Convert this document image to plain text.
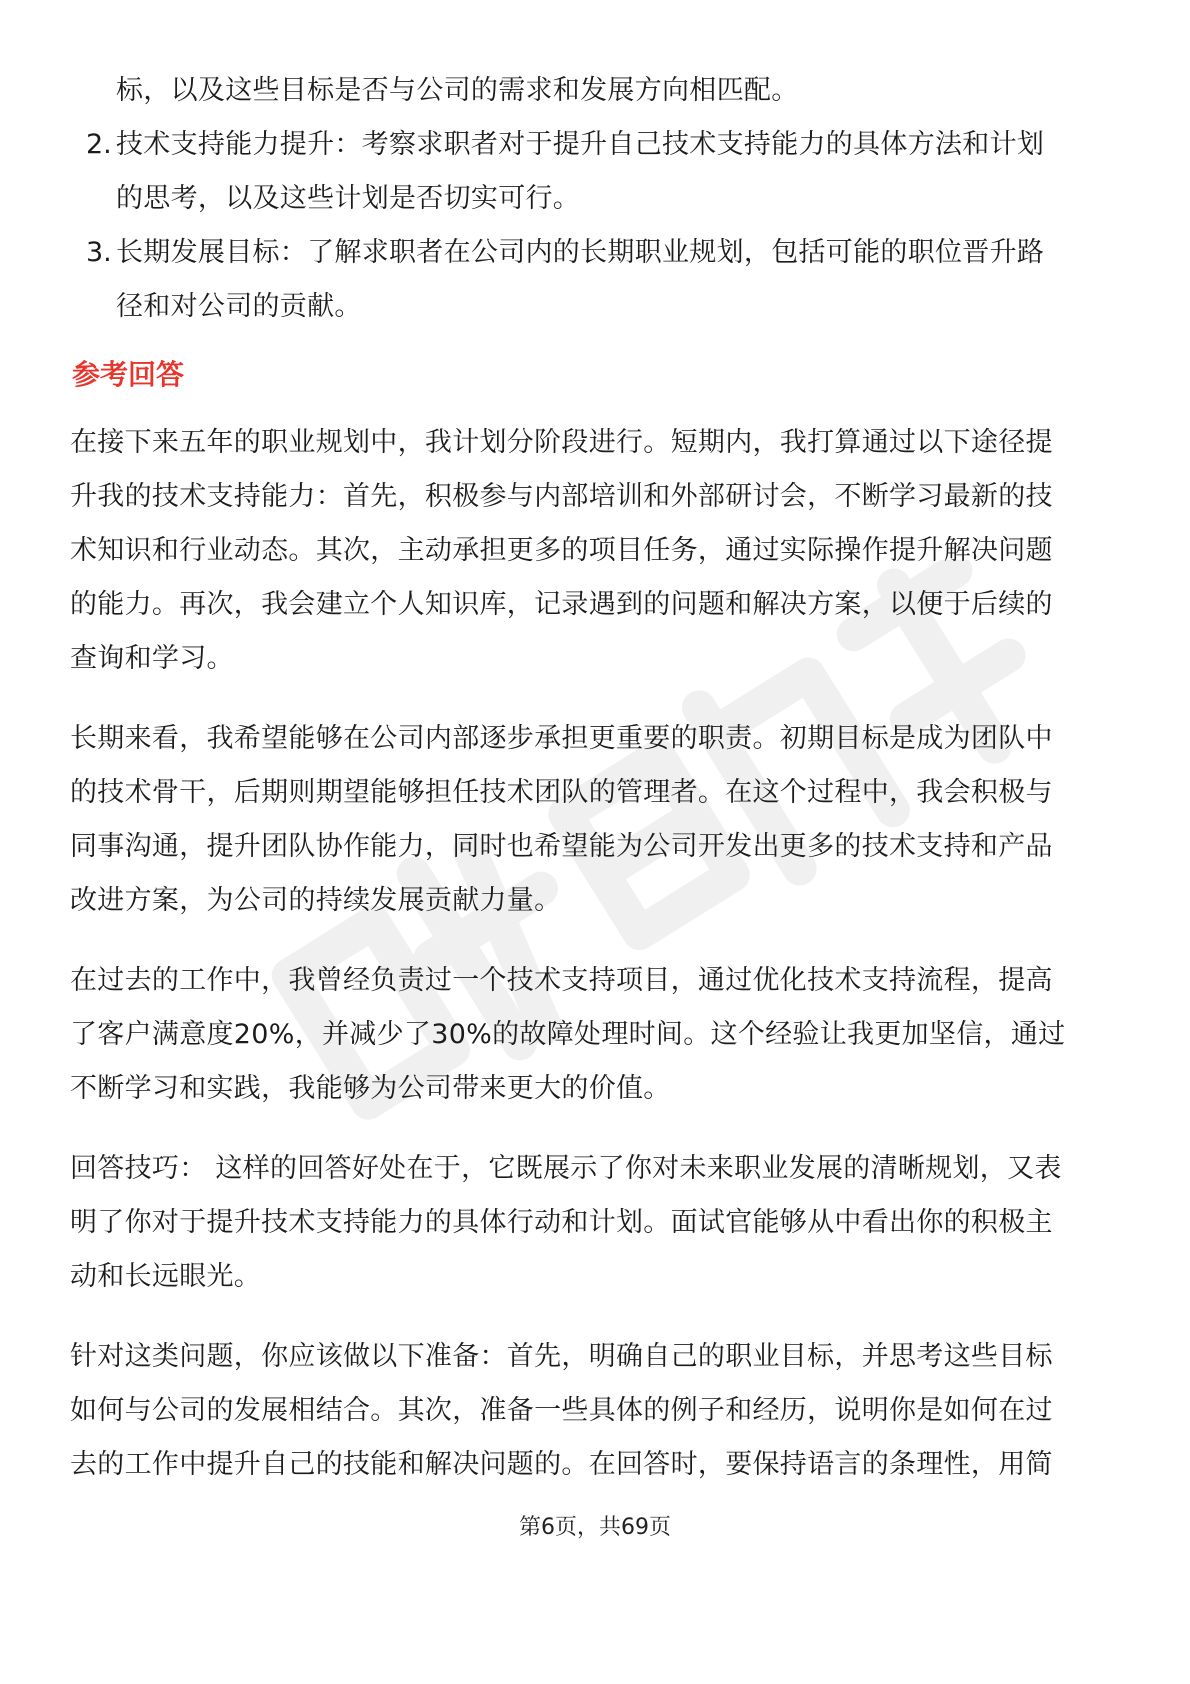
标，以及这些目标是否与公司的需求和发展方向相匹配。
2. 技术支持能力提升：考察求职者对于提升自己技术支持能力的具体方法和计划
的思考，以及这些计划是否切实可行。
3. 长期发展目标：了解求职者在公司内的长期职业规划，包括可能的职位晋升路
径和对公司的贡献。
参考回答
在接下来五年的职业规划中，我计划分阶段进行。短期内，我打算通过以下途径提
升我的技术支持能力：首先，积极参与内部培训和外部研讨会，不断学习最新的技
术知识和行业动态。其次，主动承担更多的项目任务，通过实际操作提升解决问题
的能力。再次，我会建立个人知识库，记录遇到的问题和解决方案，以便于后续的
查询和学习。
长期来看，我希望能够在公司内部逐步承担更重要的职责。初期目标是成为团队中
的技术骨干，后期则期望能够担任技术团队的管理者。在这个过程中，我会积极与
同事沟通，提升团队协作能力，同时也希望能为公司开发出更多的技术支持和产品
改进方案，为公司的持续发展贡献力量。
在过去的工作中，我曾经负责过一个技术支持项目，通过优化技术支持流程，提高
了客户满意度20%，并减少了30%的故障处理时间。这个经验让我更加坚信，通过
不断学习和实践，我能够为公司带来更大的价值。
回答技巧： 这样的回答好处在于，它既展示了你对未来职业发展的清晰规划，又表
明了你对于提升技术支持能力的具体行动和计划。面试官能够从中看出你的积极主
动和长远眼光。
针对这类问题，你应该做以下准备：首先，明确自己的职业目标，并思考这些目标
如何与公司的发展相结合。其次，准备一些具体的例子和经历，说明你是如何在过
去的工作中提升自己的技能和解决问题的。在回答时，要保持语言的条理性，用简
第6页，共69页
